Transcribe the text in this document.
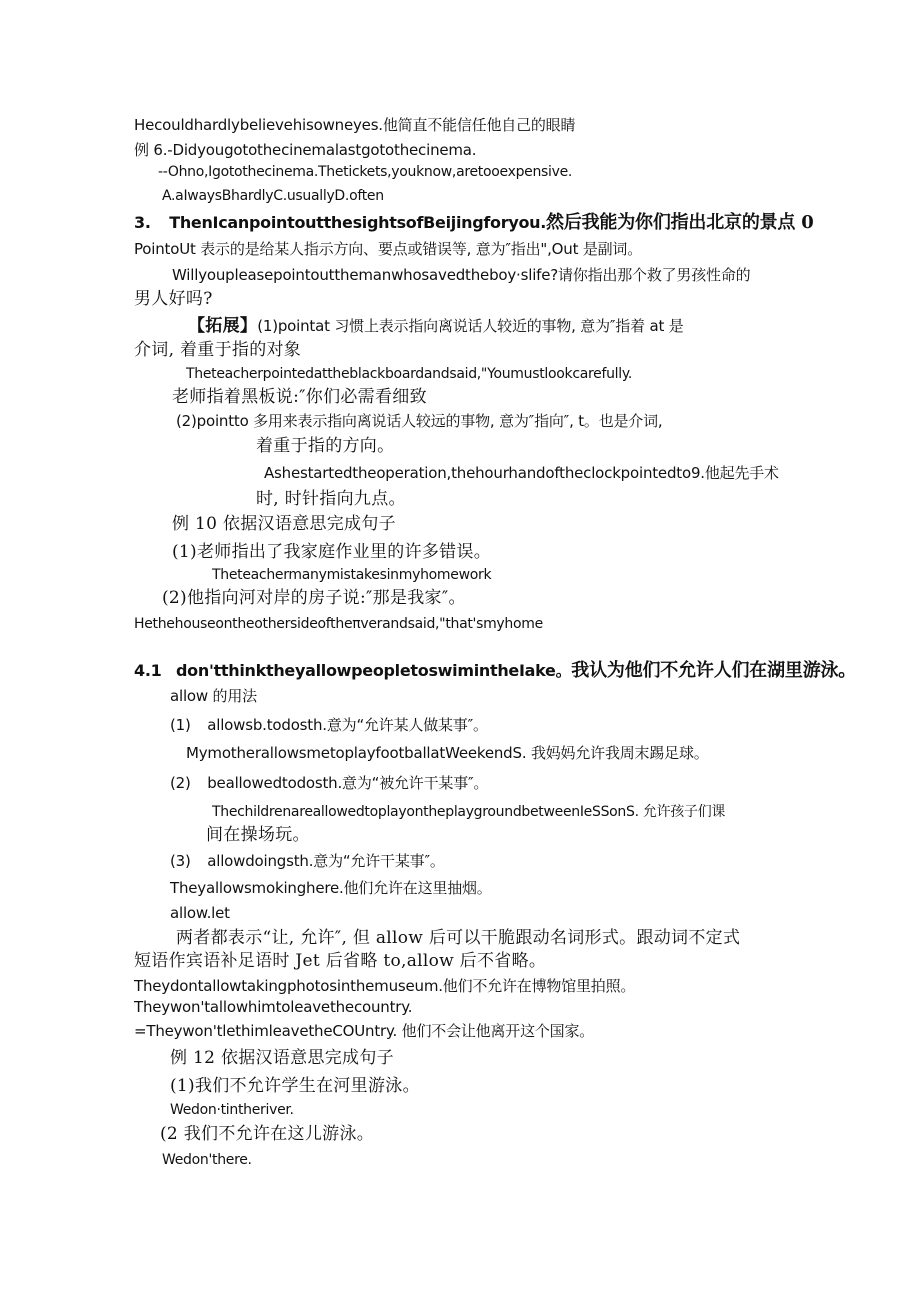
Hecouldhardlybelievehisowneyes.他简直不能信任他自己的眼睛
例 6.-Didyougotothecinemalastgotothecinema.
--Ohno,Igotothecinema.Thetickets,youknow,aretooexpensive.
A.aIwaysBhardlyC.usuallyD.often
3. ThenIcanpointoutthesightsofBeijingforyou.然后我能为你们指出北京的景点 0
PointoUt 表示的是给某人指示方向、要点或错误等, 意为″指出",Out 是副词。
Willyoupleasepointoutthemanwhosavedtheboy·slife?请你指出那个救了男孩性命的
男人好吗?
【拓展】(1)pointat 习惯上表示指向离说话人较近的事物, 意为″指着 at 是
介词, 着重于指的对象
Theteacherpointedattheblackboardandsaid,"Youmustlookcarefully.
老师指着黑板说:″你们必需看细致
(2)pointto 多用来表示指向离说话人较远的事物, 意为″指向″, t。也是介词,
着重于指的方向。
Ashestartedtheoperation,thehourhandoftheclockpointedto9.他起先手术
时, 时针指向九点。
例 10 依据汉语意思完成句子
(1)老师指出了我家庭作业里的许多错误。
Theteachermanymistakesinmyhomework
(2)他指向河对岸的房子说:″那是我家″。
Hethehouseontheothersideoftheπverandsaid,"that'smyhome
4.1 don'tthinktheyallowpeopletoswimintheIake。我认为他们不允许人们在湖里游泳。
allow 的用法
(1) allowsb.todosth.意为“允许某人做某事″。
MymotherallowsmetoplayfootballatWeekendS. 我妈妈允许我周末踢足球。
(2) beallowedtodosth.意为“被允许干某事″。
ThechildrenareallowedtoplayontheplaygroundbetweenIeSSonS. 允许孩子们课
间在操场玩。
(3) allowdoingsth.意为“允许干某事″。
Theyallowsmokinghere.他们允许在这里抽烟。
allow.let
两者都表示“让, 允许″, 但 allow 后可以干脆跟动名词形式。跟动词不定式
短语作宾语补足语时 Jet 后省略 to,allow 后不省略。
Theydontallowtakingphotosinthemuseum.他们不允许在博物馆里拍照。
Theywon'tallowhimtoleavethecountry.
=Theywon'tlethimleavetheCOUntry. 他们不会让他离开这个国家。
例 12 依据汉语意思完成句子
(1)我们不允许学生在河里游泳。
Wedon·tintheriver.
(2 我们不允许在这儿游泳。
Wedon'there.
